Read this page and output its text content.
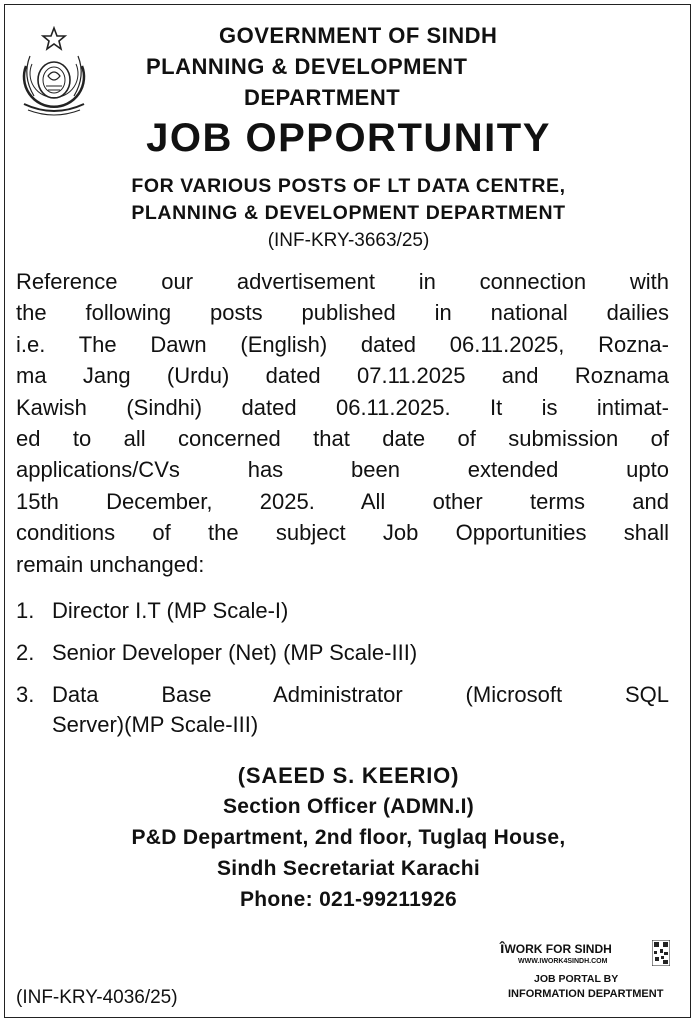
GOVERNMENT OF SINDH
PLANNING & DEVELOPMENT
DEPARTMENT
JOB OPPORTUNITY
FOR VARIOUS POSTS OF LT DATA CENTRE,
PLANNING & DEVELOPMENT DEPARTMENT
(INF-KRY-3663/25)
Reference our advertisement in connection with
the following posts published in national dailies
i.e. The Dawn (English) dated 06.11.2025, Rozna-
ma Jang (Urdu) dated 07.11.2025 and Roznama
Kawish (Sindhi) dated 06.11.2025. It is intimat-
ed to all concerned that date of submission of
applications/CVs has been extended upto
15th December, 2025. All other terms and
conditions of the subject Job Opportunities shall
remain unchanged:
1. Director I.T (MP Scale-I)
2. Senior Developer (Net) (MP Scale-III)
3. Data Base Administrator (Microsoft SQL
Server)(MP Scale-III)
(SAEED S. KEERIO)
Section Officer (ADMN.I)
P&D Department, 2nd floor, Tuglaq House,
Sindh Secretariat Karachi
Phone: 021-99211926
îWORK FOR SINDH
WWW.IWORK4SINDH.COM
JOB PORTAL BY
INFORMATION DEPARTMENT
(INF-KRY-4036/25)
